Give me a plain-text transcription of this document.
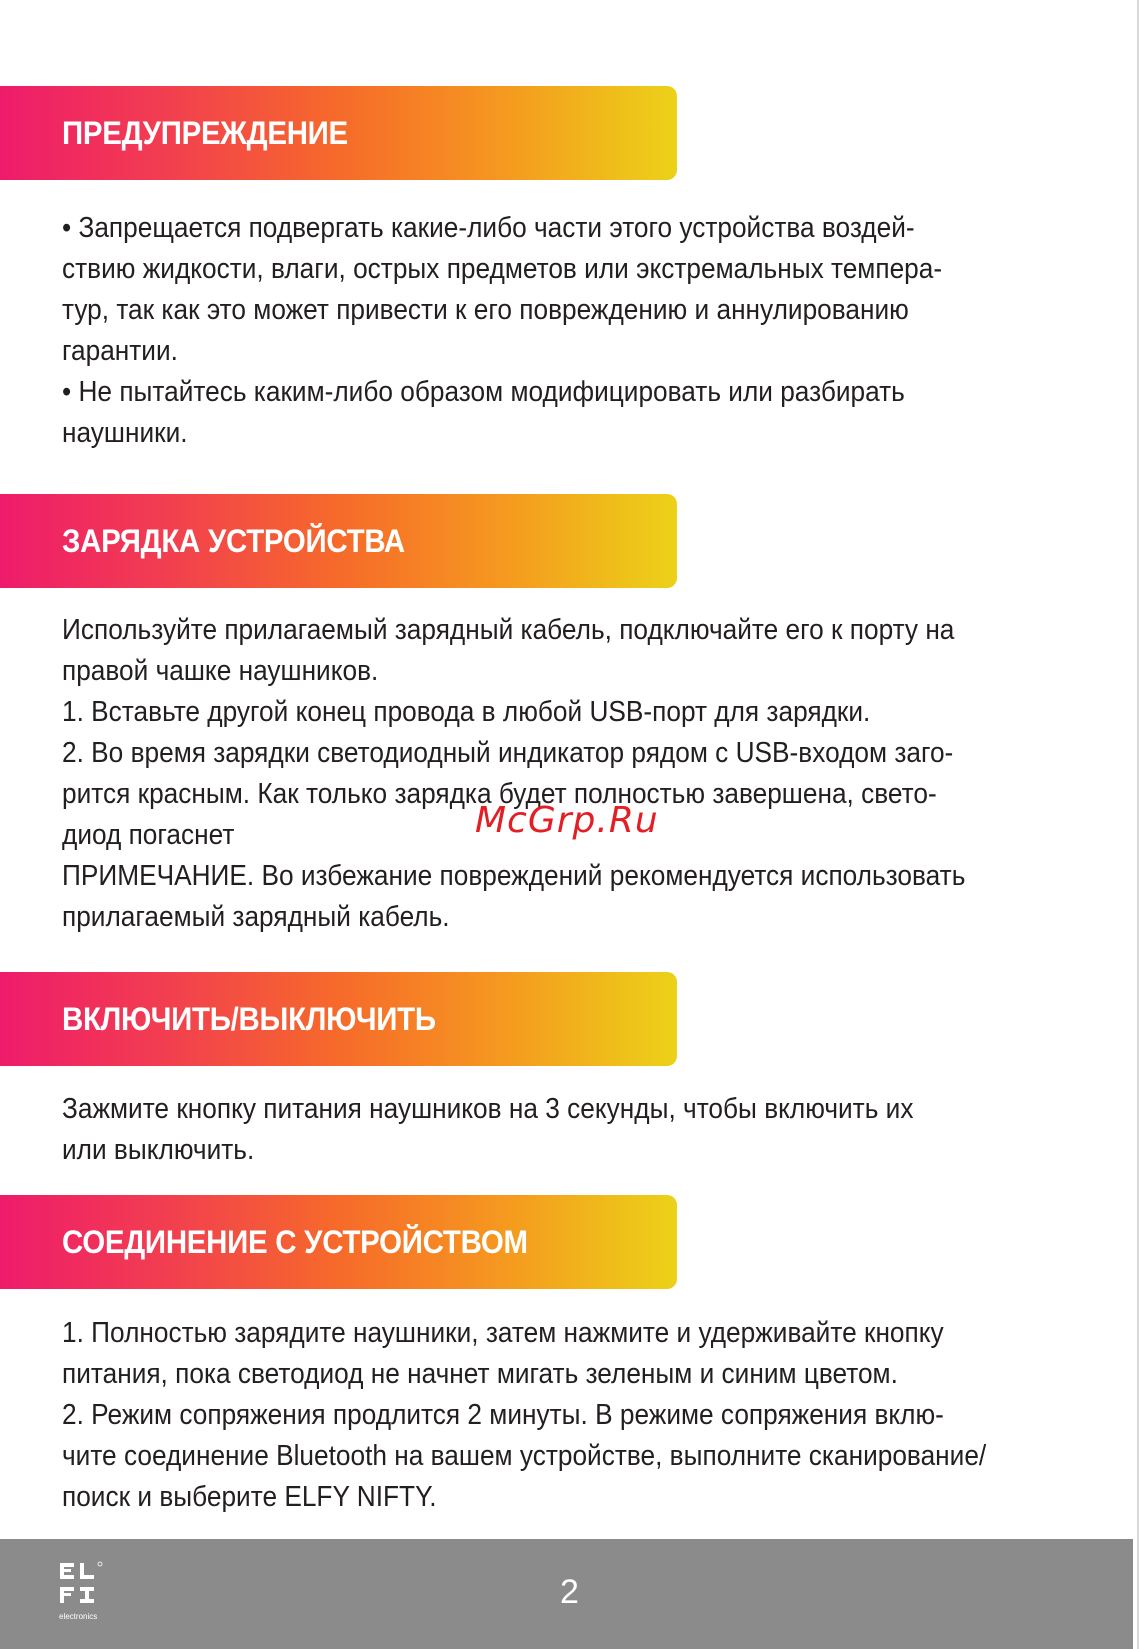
ПРЕДУПРЕЖДЕНИЕ

• Запрещается подвергать какие-либо части этого устройства воздей-

ствию жидкости, влаги, острых предметов или экстремальных темпера-

тур, так как это может привести к его повреждению и аннулированию

гарантии.

• Не пытайтесь каким-либо образом модифицировать или разбирать

наушники.

ЗАРЯДКА УСТРОЙСТВА

Используйте прилагаемый зарядный кабель, подключайте его к порту на

правой чашке наушников.

1. Вставьте другой конец провода в любой USB-порт для зарядки.

2. Во время зарядки светодиодный индикатор рядом с USB-входом заго-

рится красным. Как только зарядка будет полностью завершена, свето-

диод погаснет

ПРИМЕЧАНИЕ. Во избежание повреждений рекомендуется использовать

прилагаемый зарядный кабель.

McGrp.Ru
ВКЛЮЧИТЬ/ВЫКЛЮЧИТЬ

Зажмите кнопку питания наушников на 3 секунды, чтобы включить их

или выключить.

СОЕДИНЕНИЕ С УСТРОЙСТВОМ

1. Полностью зарядите наушники, затем нажмите и удерживайте кнопку

питания, пока светодиод не начнет мигать зеленым и синим цветом.

2. Режим сопряжения продлится 2 минуты. В режиме сопряжения вклю-

чите соединение Bluetooth на вашем устройстве, выполните сканирование/

поиск и выберите ELFY NIFTY.

electronics
2
